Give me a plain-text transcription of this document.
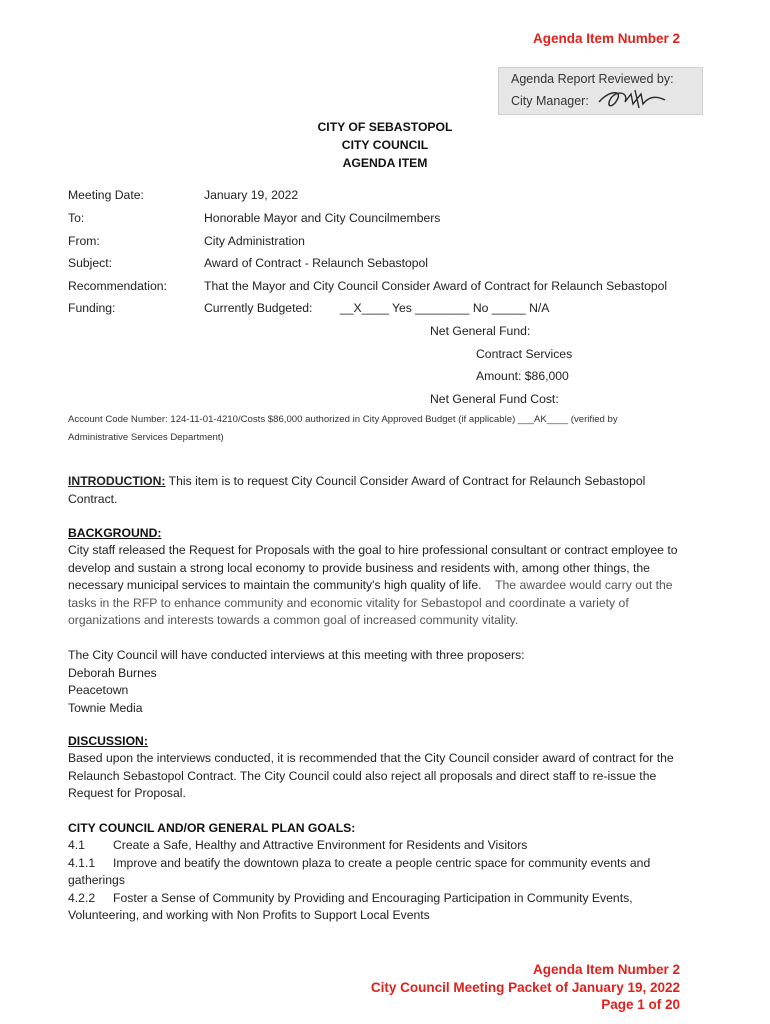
Agenda Item Number 2
Agenda Report Reviewed by:
City Manager:
CITY OF SEBASTOPOL
CITY COUNCIL
AGENDA ITEM
Meeting Date:	January 19, 2022
To:	Honorable Mayor and City Councilmembers
From:	City Administration
Subject:	Award of Contract - Relaunch Sebastopol
Recommendation:	That the Mayor and City Council Consider Award of Contract for Relaunch Sebastopol
Funding:	Currently Budgeted: __X____ Yes ________ No _____ N/A
Net General Fund:
Contract Services
Amount: $86,000
Net General Fund Cost:
Account Code Number: 124-11-01-4210/Costs $86,000 authorized in City Approved Budget (if applicable) ___AK____ (verified by
Administrative Services Department)

INTRODUCTION: This item is to request City Council Consider Award of Contract for Relaunch Sebastopol

Contract.

BACKGROUND:

City staff released the Request for Proposals with the goal to hire professional consultant or contract employee to

develop and sustain a strong local economy to provide business and residents with, among other things, the

necessary municipal services to maintain the community's high quality of life. The awardee would carry out the

tasks in the RFP to enhance community and economic vitality for Sebastopol and coordinate a variety of

organizations and interests towards a common goal of increased community vitality.

The City Council will have conducted interviews at this meeting with three proposers:

Deborah Burnes

Peacetown

Townie Media

DISCUSSION:

Based upon the interviews conducted, it is recommended that the City Council consider award of contract for the

Relaunch Sebastopol Contract. The City Council could also reject all proposals and direct staff to re-issue the

Request for Proposal.

CITY COUNCIL AND/OR GENERAL PLAN GOALS:

4.1 Create a Safe, Healthy and Attractive Environment for Residents and Visitors

4.1.1 Improve and beatify the downtown plaza to create a people centric space for community events and

gatherings

4.2.2 Foster a Sense of Community by Providing and Encouraging Participation in Community Events,

Volunteering, and working with Non Profits to Support Local Events

Agenda Item Number 2
City Council Meeting Packet of January 19, 2022
Page 1 of 20
